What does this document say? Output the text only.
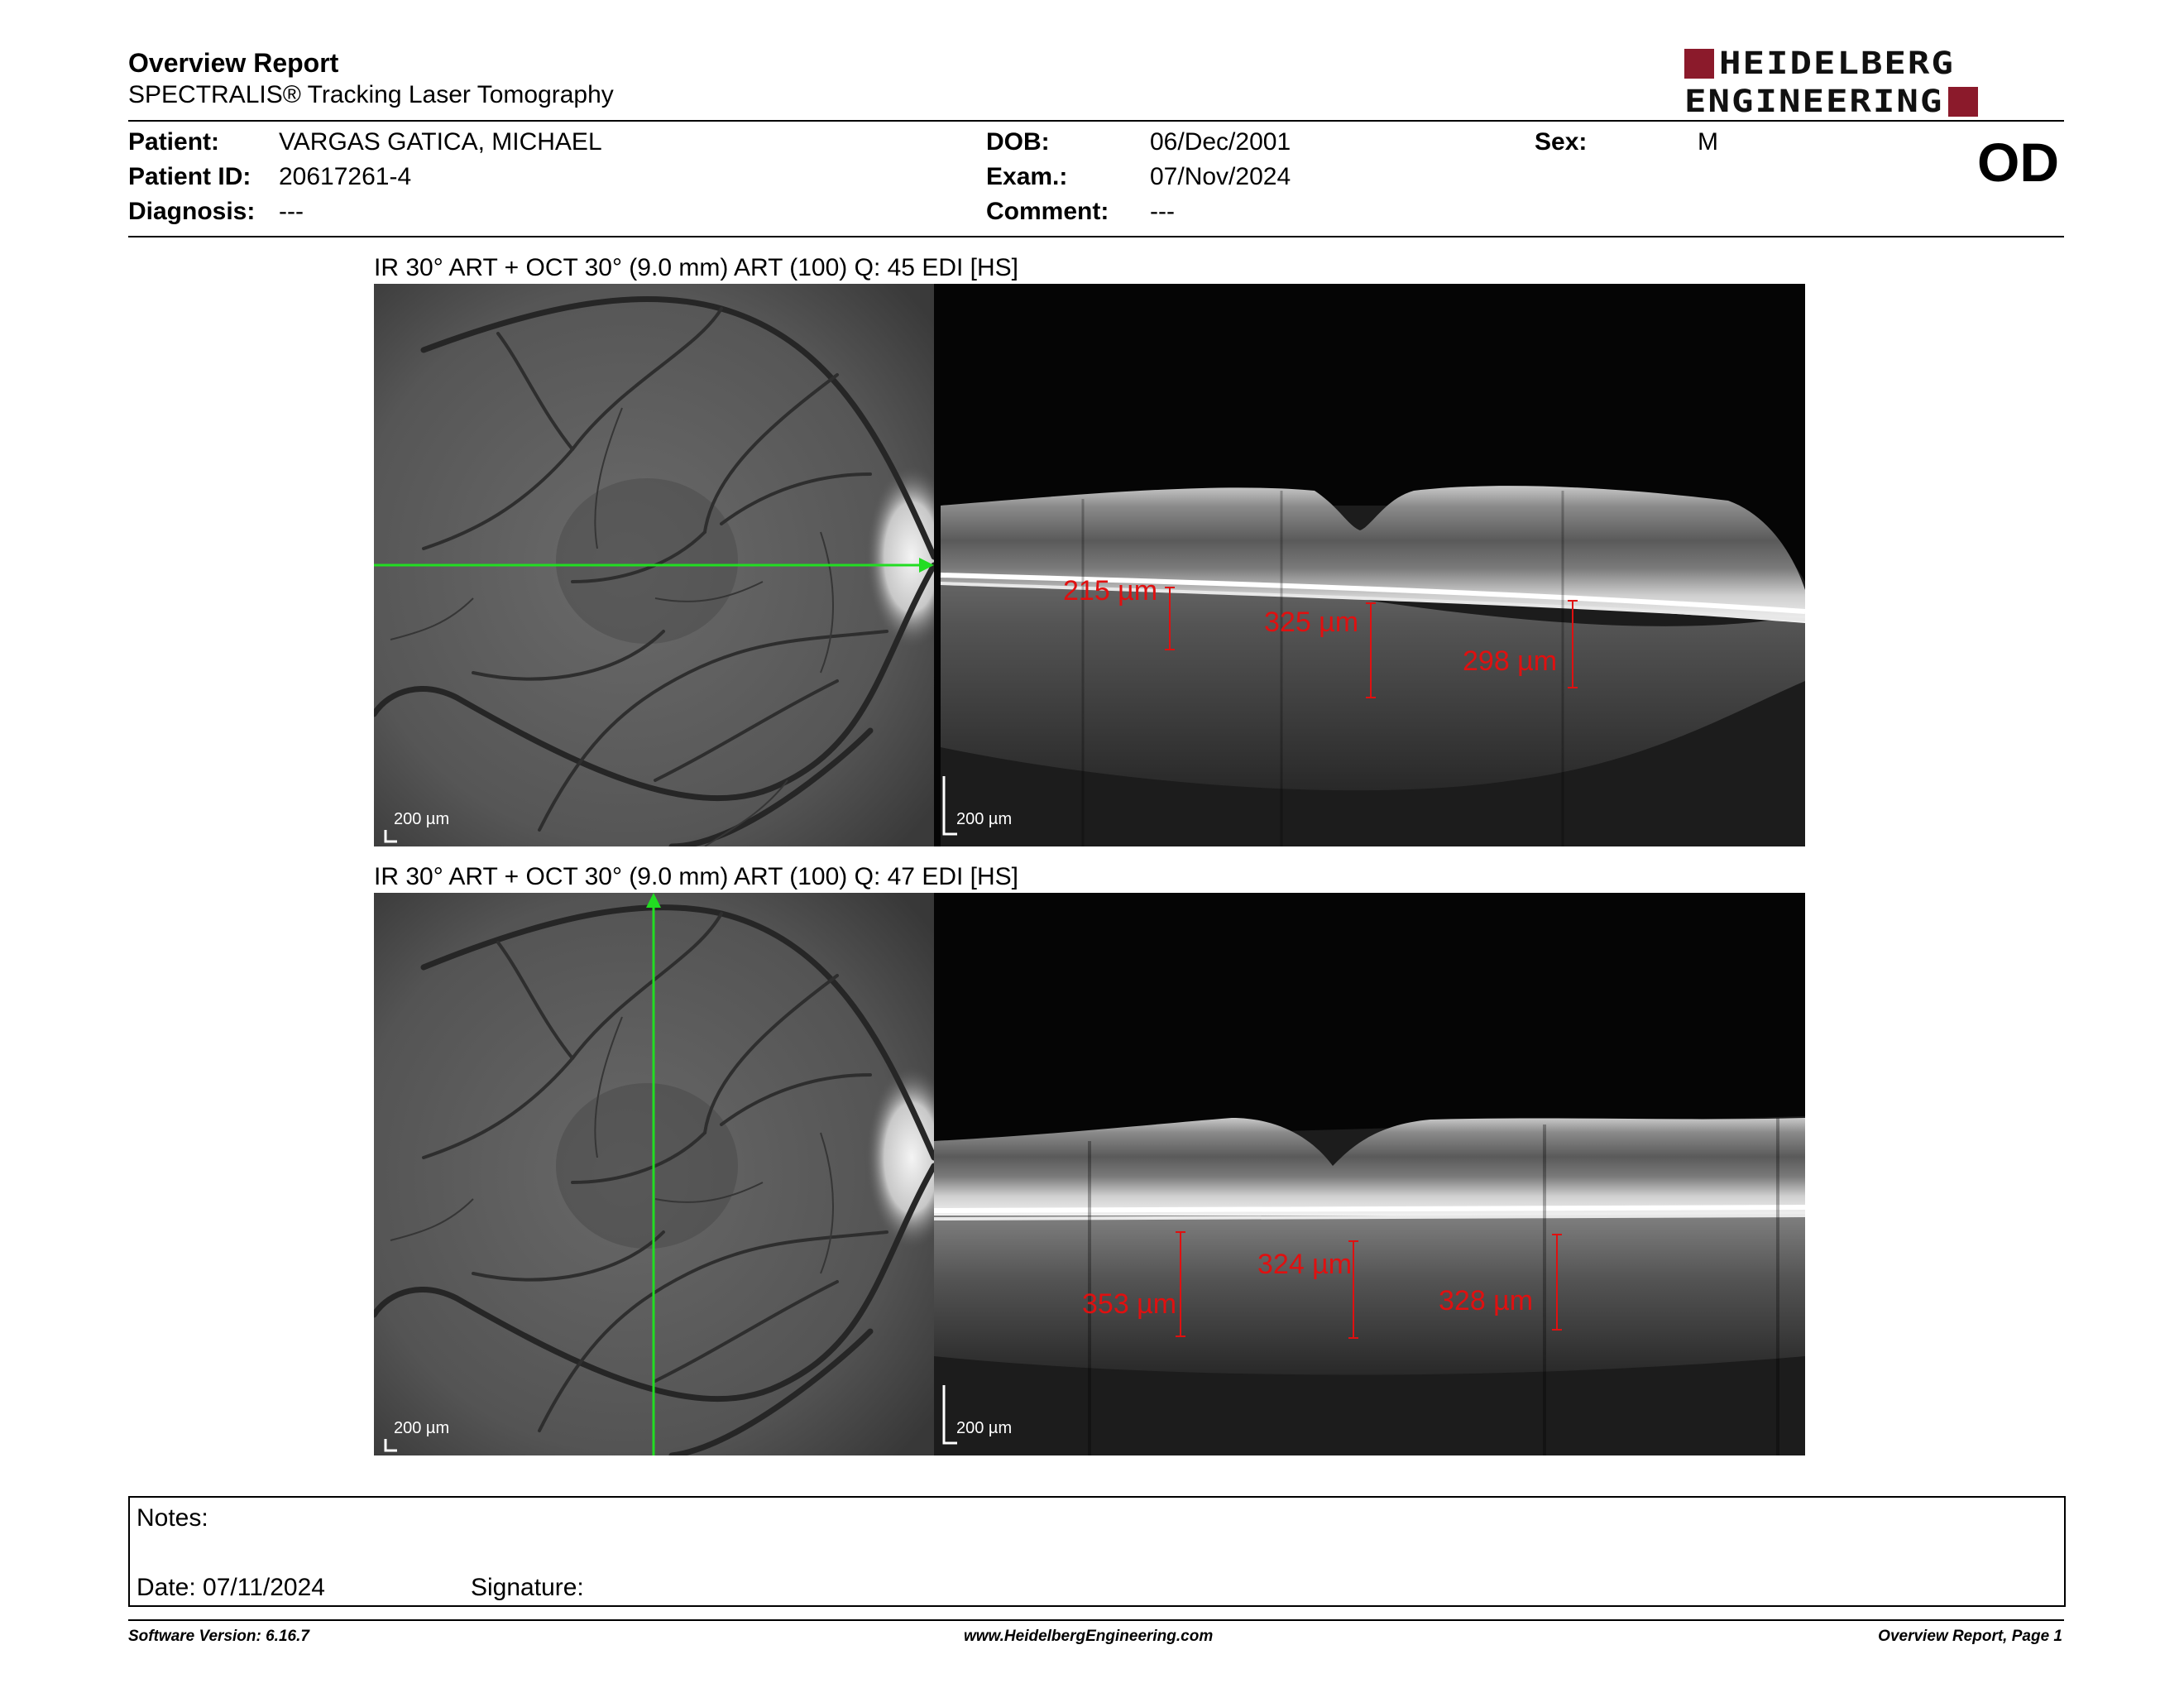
Overview Report
SPECTRALIS® Tracking Laser Tomography
HEIDELBERG
ENGINEERING
Patient: VARGAS GATICA, MICHAEL
Patient ID: 20617261-4
Diagnosis: ---
DOB:	06/Dec/2001
Exam.:	07/Nov/2024
Comment: ---
Sex:	M	OD
IR 30° ART + OCT 30° (9.0 mm) ART (100) Q: 45 EDI [HS]
200 µm	200 µm
215 µm
325 µm
298 µm
IR 30° ART + OCT 30° (9.0 mm) ART (100) Q: 47 EDI [HS]
200 µm	200 µm
353 µm
324 µm
328 µm
Notes:
Date: 07/11/2024	Signature:
Software Version: 6.16.7	www.HeidelbergEngineering.com	Overview Report, Page 1
